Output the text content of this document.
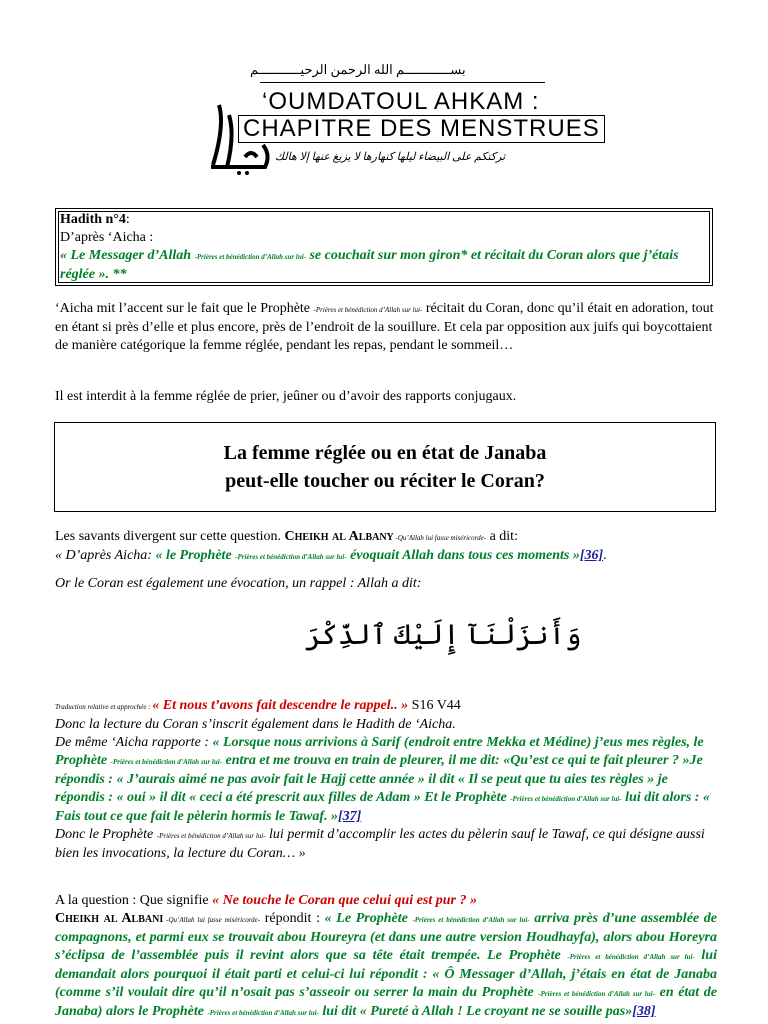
بســــــــــــم الله الرحمن الرحيـــــــــــم
‘OUMDATOUL AHKAM :
CHAPITRE DES MENSTRUES
تركتكم على البيضاء ليلها كنهارها لا يزيغ عنها إلا هالك

Hadith n°4:

D’après ‘Aicha :

« Le Messager d’Allah -Prières et bénédiction d’Allah sur lui- se couchait sur mon giron* et récitait du Coran alors que j’étais réglée ». **

‘Aicha mit l’accent sur le fait que le Prophète -Prières et bénédiction d’Allah sur lui- récitait du Coran, donc qu’il était en adoration, tout en étant si près d’elle et plus encore, près de l’endroit de la souillure. Et cela par opposition aux juifs qui boycottaient de manière catégorique la femme réglée, pendant les repas, pendant le sommeil…
Il est interdit à la femme réglée de prier, jeûner ou d’avoir des rapports conjugaux.
La femme réglée ou en état de Janaba
peut-elle toucher ou réciter le Coran?

Les savants divergent sur cette question. Cheikh al Albany -Qu’Allah lui fasse miséricorde- a dit:

« D’après Aicha: « le Prophète -Prières et bénédiction d’Allah sur lui- évoquait Allah dans tous ces moments »[36].

Or le Coran est également une évocation, un rappel : Allah a dit:

وَأَنزَلْنَآ إِلَيْكَ ٱلذِّكْرَ

Traduction relative et approchée : « Et nous t’avons fait descendre le rappel.. » S16 V44

Donc la lecture du Coran s’inscrit également dans le Hadith de ‘Aicha.

De même ‘Aicha rapporte : « Lorsque nous arrivions à Sarif (endroit entre Mekka et Médine) j’eus mes règles, le Prophète -Prières et bénédiction d’Allah sur lui- entra et me trouva en train de pleurer, il me dit: «Qu’est ce qui te fait pleurer ? »Je répondis : « J’aurais aimé ne pas avoir fait le Hajj cette année » il dit « Il se peut que tu aies tes règles » je répondis : « oui » il dit « ceci a été prescrit aux filles de Adam » Et le Prophète -Prières et bénédiction d’Allah sur lui- lui dit alors : « Fais tout ce que fait le pèlerin hormis le Tawaf. »[37]

Donc le Prophète -Prières et bénédiction d’Allah sur lui- lui permit d’accomplir les actes du pèlerin sauf le Tawaf, ce qui désigne aussi bien les invocations, la lecture du Coran… »

A la question : Que signifie « Ne touche le Coran que celui qui est pur ? »

Cheikh al Albani -Qu’Allah lui fasse miséricorde- répondit : « Le Prophète -Prières et bénédiction d’Allah sur lui- arriva près d’une assemblée de compagnons, et parmi eux se trouvait abou Houreyra (et dans une autre version Houdhayfa), alors abou Horeyra s’éclipsa de l’assemblée puis il revint alors que sa tête était trempée. Le Prophète -Prières et bénédiction d’Allah sur lui- lui demandait alors pourquoi il était parti et celui-ci lui répondit : « Ô Messager d’Allah, j’étais en état de Janaba (comme s’il voulait dire qu’il n’osait pas s’asseoir ou serrer la main du Prophète -Prières et bénédiction d’Allah sur lui- en état de Janaba) alors le Prophète -Prières et bénédiction d’Allah sur lui- lui dit « Pureté à Allah ! Le croyant ne se souille pas»[38]
